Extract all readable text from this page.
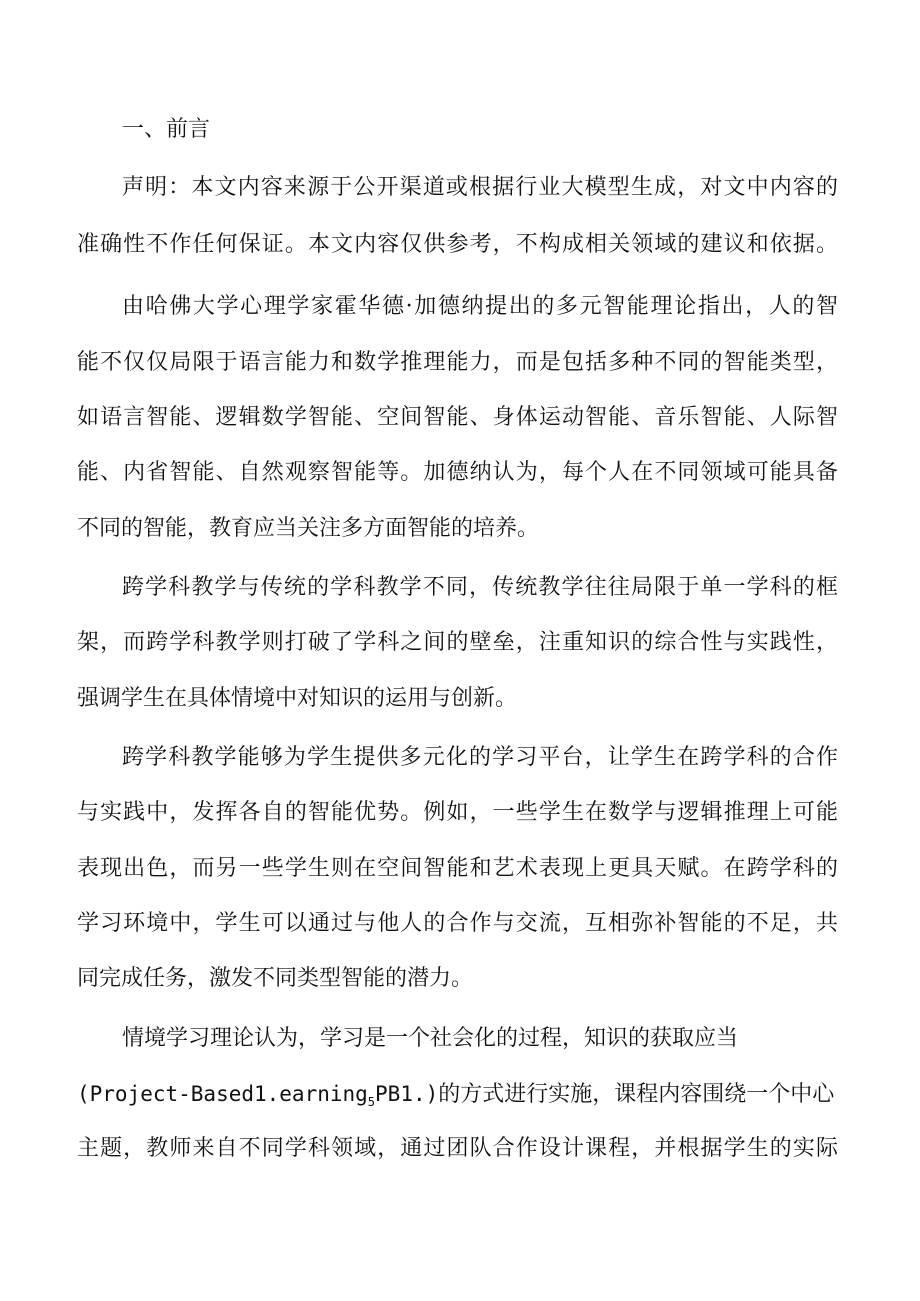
一、前言
声明：本文内容来源于公开渠道或根据行业大模型生成，对文中内容的
准确性不作任何保证。本文内容仅供参考，不构成相关领域的建议和依据。
由哈佛大学心理学家霍华德·加德纳提出的多元智能理论指出，人的智
能不仅仅局限于语言能力和数学推理能力，而是包括多种不同的智能类型，
如语言智能、逻辑数学智能、空间智能、身体运动智能、音乐智能、人际智
能、内省智能、自然观察智能等。加德纳认为，每个人在不同领域可能具备
不同的智能，教育应当关注多方面智能的培养。
跨学科教学与传统的学科教学不同，传统教学往往局限于单一学科的框
架，而跨学科教学则打破了学科之间的壁垒，注重知识的综合性与实践性，
强调学生在具体情境中对知识的运用与创新。
跨学科教学能够为学生提供多元化的学习平台，让学生在跨学科的合作
与实践中，发挥各自的智能优势。例如，一些学生在数学与逻辑推理上可能
表现出色，而另一些学生则在空间智能和艺术表现上更具天赋。在跨学科的
学习环境中，学生可以通过与他人的合作与交流，互相弥补智能的不足，共
同完成任务，激发不同类型智能的潜力。
情境学习理论认为，学习是一个社会化的过程，知识的获取应当
(Project-Based1.earning$_5$PB1.)的方式进行实施，课程内容围绕一个中心
主题，教师来自不同学科领域，通过团队合作设计课程，并根据学生的实际
